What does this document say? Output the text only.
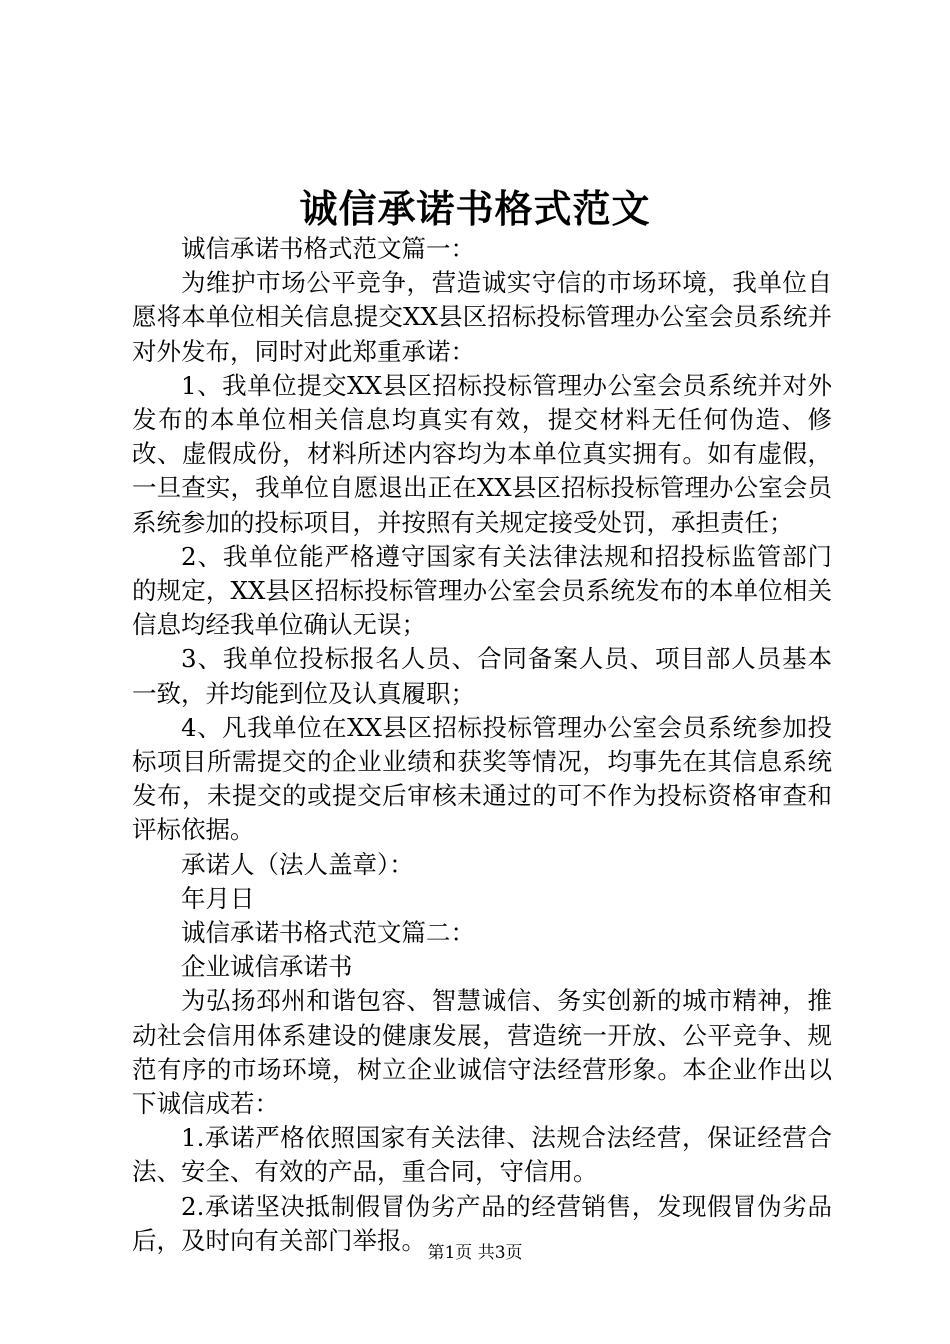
诚信承诺书格式范文

诚信承诺书格式范文篇一：

为维护市场公平竞争，营造诚实守信的市场环境，我单位自愿将本单位相关信息提交XX县区招标投标管理办公室会员系统并对外发布，同时对此郑重承诺：

1、我单位提交XX县区招标投标管理办公室会员系统并对外发布的本单位相关信息均真实有效，提交材料无任何伪造、修改、虚假成份，材料所述内容均为本单位真实拥有。如有虚假，一旦查实，我单位自愿退出正在XX县区招标投标管理办公室会员系统参加的投标项目，并按照有关规定接受处罚，承担责任；

2、我单位能严格遵守国家有关法律法规和招投标监管部门的规定，XX县区招标投标管理办公室会员系统发布的本单位相关信息均经我单位确认无误；

3、我单位投标报名人员、合同备案人员、项目部人员基本一致，并均能到位及认真履职；

4、凡我单位在XX县区招标投标管理办公室会员系统参加投标项目所需提交的企业业绩和获奖等情况，均事先在其信息系统发布，未提交的或提交后审核未通过的可不作为投标资格审查和评标依据。

承诺人（法人盖章）：

年月日

诚信承诺书格式范文篇二：

企业诚信承诺书

为弘扬邳州和谐包容、智慧诚信、务实创新的城市精神，推动社会信用体系建设的健康发展，营造统一开放、公平竞争、规范有序的市场环境，树立企业诚信守法经营形象。本企业作出以下诚信成若：

1.承诺严格依照国家有关法律、法规合法经营，保证经营合法、安全、有效的产品，重合同，守信用。

2.承诺坚决抵制假冒伪劣产品的经营销售，发现假冒伪劣品后，及时向有关部门举报。 第1页 共3页
